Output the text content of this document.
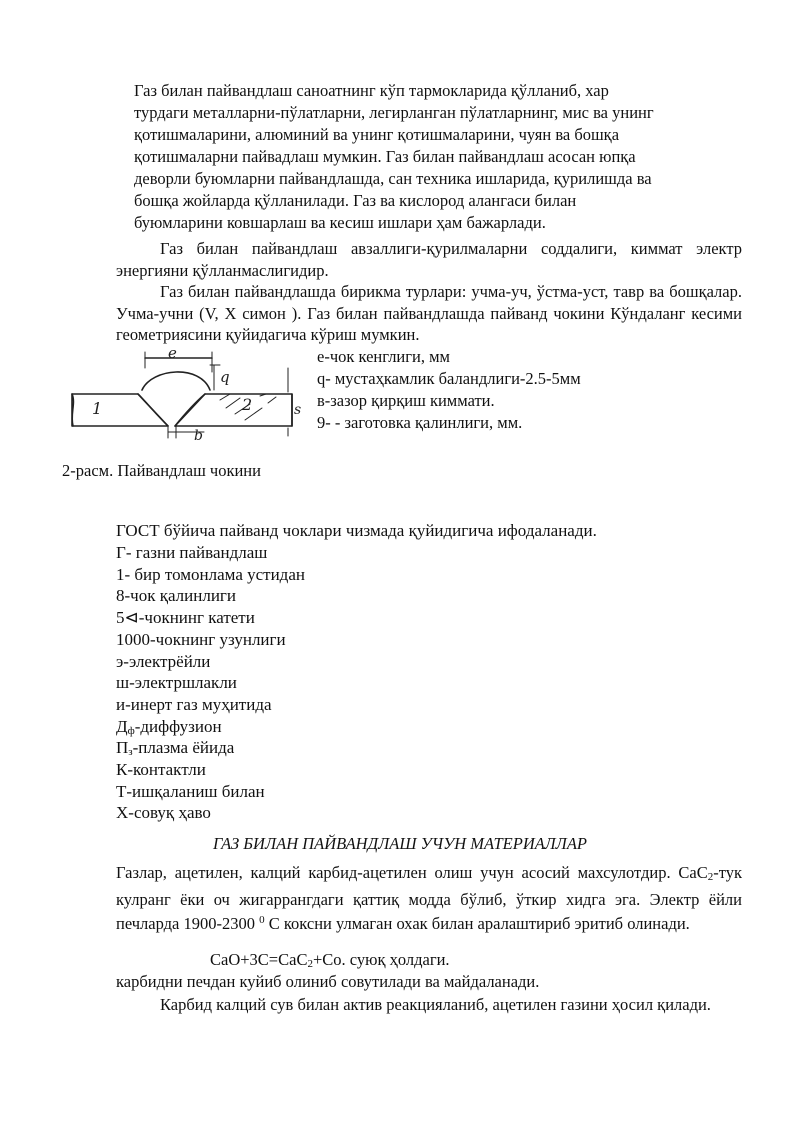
Газ билан пайвандлаш саноатнинг кўп тармокларида қўлланиб, хар
турдаги металларни-пўлатларни, легирланган пўлатларнинг, мис ва унинг
қотишмаларини, алюминий ва унинг қотишмаларини, чуян ва бошқа
қотишмаларни пайвадлаш мумкин. Газ билан пайвандлаш асосан юпқа
деворли буюмларни пайвандлашда, сан техника ишларида, қурилишда ва
бошқа жойларда қўлланилади. Газ ва кислород алангаси билан
буюмларини ковшарлаш ва кесиш ишлари ҳам бажарлади.

Газ билан пайвандлаш авзаллиги-қурилмаларни соддалиги, киммат электр энергияни қўлланмаслигидир.

Газ билан пайвандлашда бирикма турлари: учма-уч, ўстма-уст, тавр ва бошқалар. Учма-учни (V, X симон ). Газ билан пайвандлашда пайванд чокини Кўндаланг кесими геометриясини қуйидагича кўриш мумкин.

1	2
e
q
b
s
е-чок кенглиги, мм
q- мустаҳкамлик баландлиги-2.5-5мм
в-зазор қирқиш киммати.
9- - заготовка қалинлиги, мм.
2-расм. Пайвандлаш чокини
ГОСТ бўйича пайванд чоклари чизмада қуйидигича ифодаланади.
Г- газни пайвандлаш
1- бир томонлама устидан
8-чок қалинлиги
5⊲-чокнинг катети
1000-чокнинг узунлиги
э-электрёйли
ш-электршлакли
и-инерт газ муҳитида
$Д_ф$-диффузион
$П_з$-плазма ёйида
К-контактли
Т-ишқаланиш билан
Х-совуқ ҳаво
ГАЗ БИЛАН ПАЙВАНДЛАШ УЧУН МАТЕРИАЛЛАР

Газлар, ацетилен, калций карбид-ацетилен олиш учун асосий махсулотдир. CaC$_2$-тук кулранг ёки оч жигаррангдаги қаттиқ модда бўлиб, ўткир хидга эга. Электр ёйли печларда 1900-2300 $^0$ С коксни улмаган охак билан аралаштириб эритиб олинади.

CaO+3C=CaC$_2$+Co. суюқ ҳолдаги.
карбидни печдан куйиб олиниб совутилади ва майдаланади.

Карбид калций сув билан актив реакцияланиб, ацетилен газини ҳосил қилади.
